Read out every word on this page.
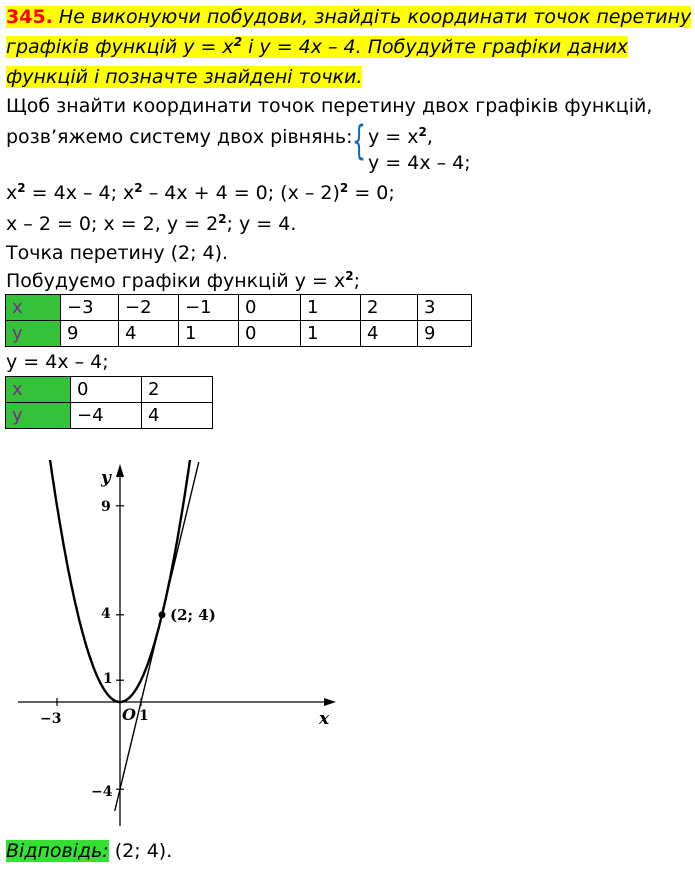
345. Не виконуючи побудови, знайдіть координати точок перетину
графіків функцій $y = x^2$ і y = 4x – 4. Побудуйте графіки даних
функцій і позначте знайдені точки.
Щоб знайти координати точок перетину двох графіків функцій,
розв’яжемо систему двох рівнянь: { $y = x^2$,
y = 4x – 4;
$x^2 = 4x - 4$; $x^2 - 4x + 4 = 0$; (x – 2)$^2$ = 0;
x – 2 = 0; x = 2, $y = 2^2$; y = 4.
Точка перетину (2; 4).
Побудуємо графіки функцій $y = x^2$;
x	−3	−2	−1	0	1	2	3
y	9	4	1	0	1	4	9
y = 4x – 4;
x	0	2
y	−4	4
(2; 4)
x
y
O
−3	1
9
4
1
−4
Відповідь: (2; 4).
